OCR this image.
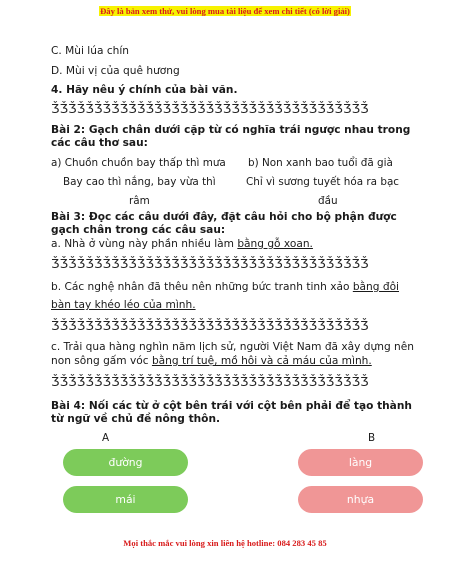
Đây là bản xem thử, vui lòng mua tài liệu để xem chi tiết (có lời giải)
C. Mùi lúa chín
D. Mùi vị của quê hương
4. Hãy nêu ý chính của bài văn.
ǮǮǮǮǮǮǮǮǮǮǮǮǮǮǮǮǮǮǮǮǮǮǮǮǮǮǮǮǮǮǮǮǮǮǮǮǮ
Bài 2: Gạch chân dưới cặp từ có nghĩa trái ngược nhau trong
các câu thơ sau:
a) Chuồn chuồn bay thấp thì mưa
Bay cao thì nắng, bay vừa thì
râm
b) Non xanh bao tuổi đã già
Chỉ vì sương tuyết hóa ra bạc
đầu
Bài 3: Đọc các câu dưới đây, đặt câu hỏi cho bộ phận được
gạch chân trong các câu sau:
a. Nhà ở vùng này phần nhiều làm bằng gỗ xoan.
ǮǮǮǮǮǮǮǮǮǮǮǮǮǮǮǮǮǮǮǮǮǮǮǮǮǮǮǮǮǮǮǮǮǮǮǮǮ
b. Các nghệ nhân đã thêu nên những bức tranh tinh xảo bằng đôi
bàn tay khéo léo của mình.
ǮǮǮǮǮǮǮǮǮǮǮǮǮǮǮǮǮǮǮǮǮǮǮǮǮǮǮǮǮǮǮǮǮǮǮǮǮ
c. Trải qua hàng nghìn năm lịch sử, người Việt Nam đã xây dựng nên
non sông gấm vóc bằng trí tuệ, mồ hôi và cả máu của mình.
ǮǮǮǮǮǮǮǮǮǮǮǮǮǮǮǮǮǮǮǮǮǮǮǮǮǮǮǮǮǮǮǮǮǮǮǮǮ
Bài 4: Nối các từ ở cột bên trái với cột bên phải để tạo thành
từ ngữ về chủ đề nông thôn.
A	B
đường
mái
làng
nhựa
Mọi thắc mắc vui lòng xin liên hệ hotline: 084 283 45 85
